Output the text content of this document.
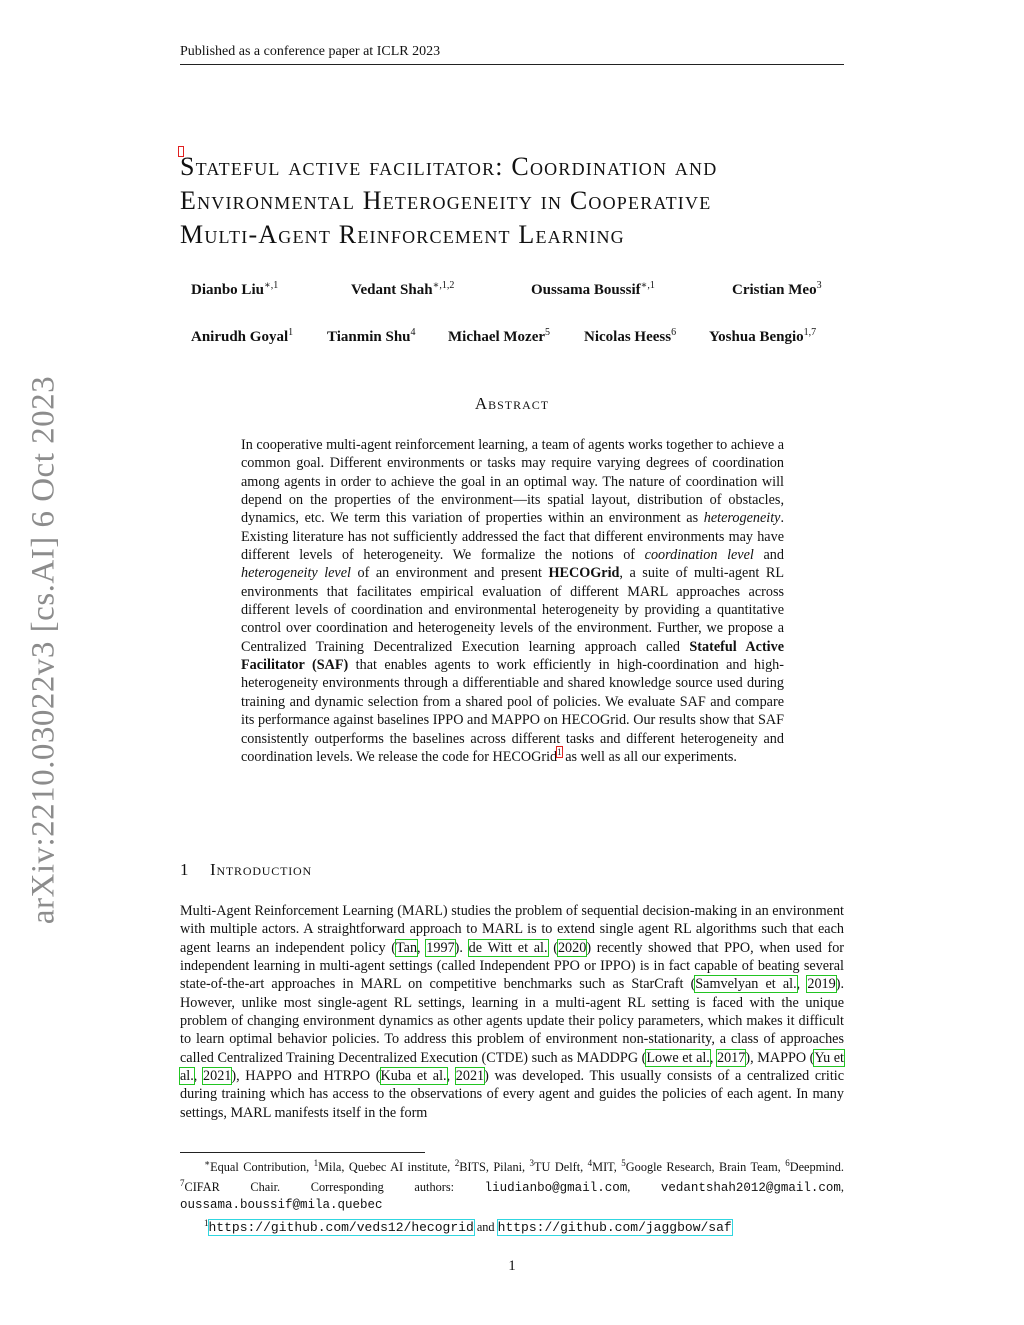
Published as a conference paper at ICLR 2023
Stateful active facilitator: Coordination and
Environmental Heterogeneity in Cooperative
Multi-Agent Reinforcement Learning
Dianbo Liu$^{∗,1}$	Vedant Shah$^{∗,1,2}$	Oussama Boussif$^{∗,1}$	Cristian Meo$^3$
Anirudh Goyal$^1$ Tianmin Shu$^4$ Michael Mozer$^5$ Nicolas Heess$^6$ Yoshua Bengio$^{1,7}$
Abstract
In cooperative multi-agent reinforcement learning, a team of agents works together to achieve a common goal. Different environments or tasks may require varying degrees of coordination among agents in order to achieve the goal in an optimal way. The nature of coordination will depend on the properties of the environment—its spatial layout, distribution of obstacles, dynamics, etc. We term this variation of properties within an environment as heterogeneity. Existing literature has not sufficiently addressed the fact that different environments may have different levels of heterogeneity. We formalize the notions of coordination level and heterogeneity level of an environment and present HECOGrid, a suite of multi-agent RL environments that facilitates empirical evaluation of different MARL approaches across different levels of coordination and environmental heterogeneity by providing a quantitative control over coordination and heterogeneity levels of the environment. Further, we propose a Centralized Training Decentralized Execution learning approach called Stateful Active Facilitator (SAF) that enables agents to work efficiently in high-coordination and high-heterogeneity environments through a differentiable and shared knowledge source used during training and dynamic selection from a shared pool of policies. We evaluate SAF and compare its performance against baselines IPPO and MAPPO on HECOGrid. Our results show that SAF consistently outperforms the baselines across different tasks and different heterogeneity and coordination levels. We release the code for HECOGrid$^1$ as well as all our experiments.
1 Introduction
Multi-Agent Reinforcement Learning (MARL) studies the problem of sequential decision-making in an environment with multiple actors. A straightforward approach to MARL is to extend single agent RL algorithms such that each agent learns an independent policy (Tan, 1997). de Witt et al. (2020) recently showed that PPO, when used for independent learning in multi-agent settings (called Independent PPO or IPPO) is in fact capable of beating several state-of-the-art approaches in MARL on competitive benchmarks such as StarCraft (Samvelyan et al., 2019). However, unlike most single-agent RL settings, learning in a multi-agent RL setting is faced with the unique problem of changing environment dynamics as other agents update their policy parameters, which makes it difficult to learn optimal behavior policies. To address this problem of environment non-stationarity, a class of approaches called Centralized Training Decentralized Execution (CTDE) such as MADDPG (Lowe et al., 2017), MAPPO (Yu et al., 2021), HAPPO and HTRPO (Kuba et al., 2021) was developed. This usually consists of a centralized critic during training which has access to the observations of every agent and guides the policies of each agent. In many settings, MARL manifests itself in the form
∗Equal Contribution, $^1$Mila, Quebec AI institute, $^2$BITS, Pilani, $^3$TU Delft, $^4$MIT, $^5$Google Research, Brain Team, $^6$Deepmind. $^7$CIFAR Chair. Corresponding authors: liudianbo@gmail.com, vedantshah2012@gmail.com, oussama.boussif@mila.quebec
$^1$https://github.com/veds12/hecogrid and https://github.com/jaggbow/saf
1
arXiv:2210.03022v3 [cs.AI] 6 Oct 2023
